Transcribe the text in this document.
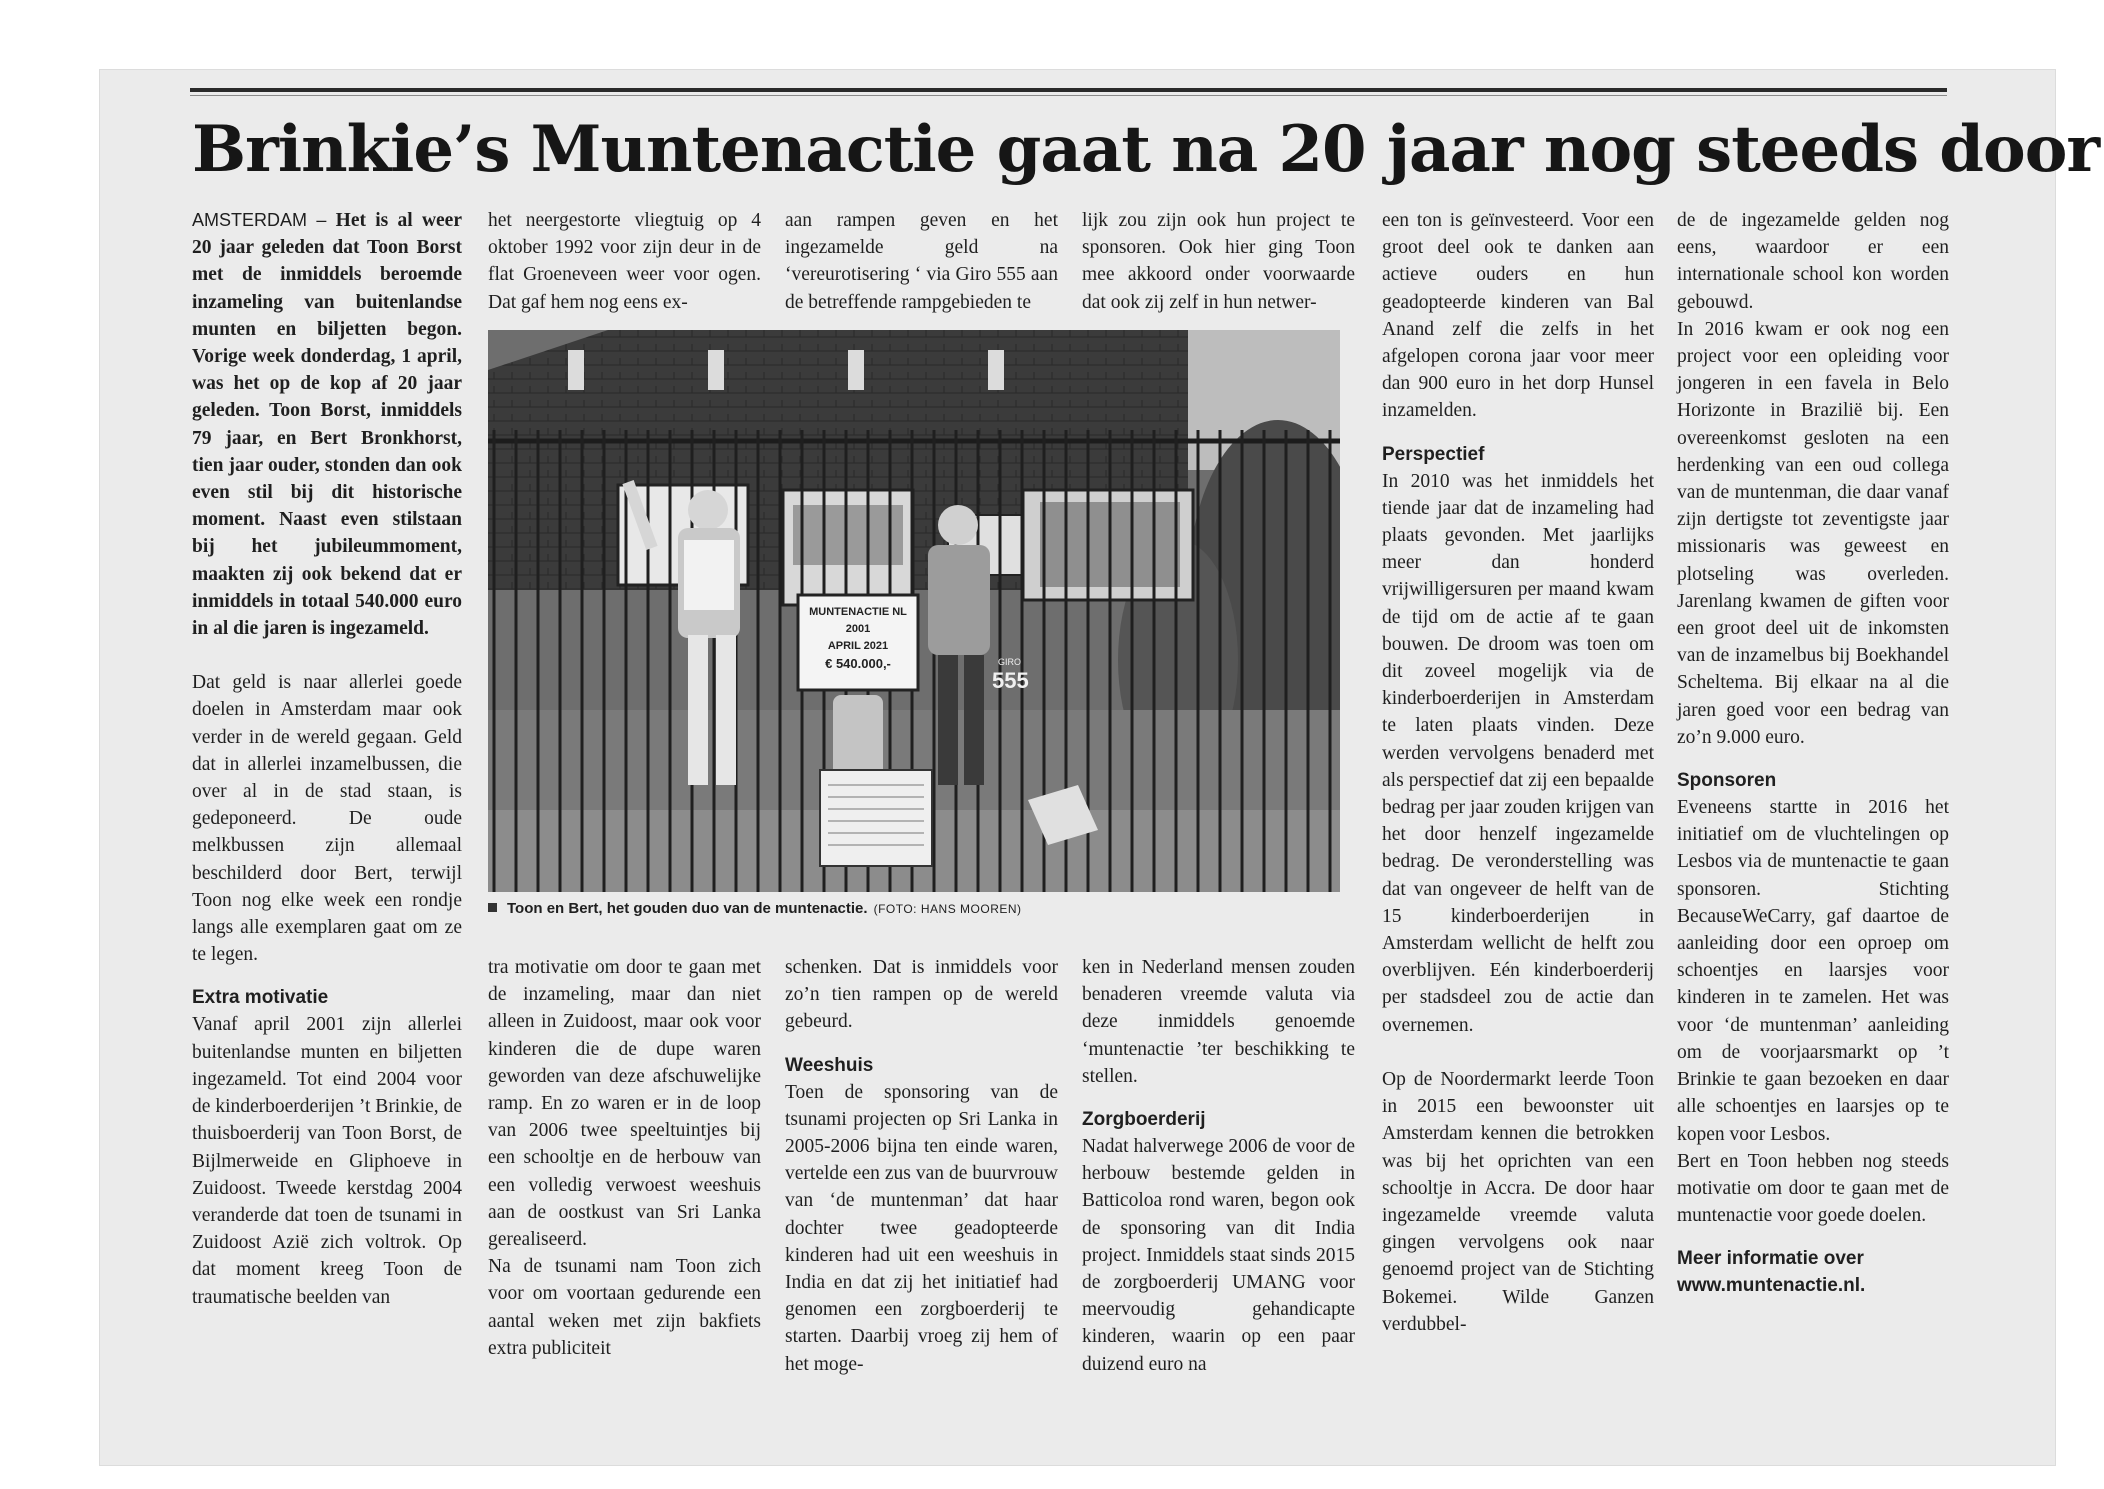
Brinkie’s Muntenactie gaat na 20 jaar nog steeds door

AMSTERDAM – Het is al weer 20 jaar geleden dat Toon Borst met de inmiddels beroemde inzameling van buitenlandse munten en biljetten begon. Vorige week donderdag, 1 april, was het op de kop af 20 jaar geleden. Toon Borst, inmiddels 79 jaar, en Bert Bronkhorst, tien jaar ouder, stonden dan ook even stil bij dit historische moment. Naast even stilstaan bij het jubileummoment, maakten zij ook bekend dat er inmiddels in totaal 540.000 euro in al die jaren is ingezameld.

Dat geld is naar allerlei goede doelen in Amsterdam maar ook verder in de wereld gegaan. Geld dat in allerlei inzamelbussen, die over al in de stad staan, is gedeponeerd. De oude melkbussen zijn allemaal beschilderd door Bert, terwijl Toon nog elke week een rondje langs alle exemplaren gaat om ze te legen.

Extra motivatie

Vanaf april 2001 zijn allerlei buitenlandse munten en biljetten ingezameld. Tot eind 2004 voor de kinderboerderijen ’t Brinkie, de thuisboerderij van Toon Borst, de Bijlmerweide en Gliphoeve in Zuidoost. Tweede kerstdag 2004 veranderde dat toen de tsunami in Zuidoost Azië zich voltrok. Op dat moment kreeg Toon de traumatische beelden van

het neergestorte vliegtuig op 4 oktober 1992 voor zijn deur in de flat Groeneveen weer voor ogen. Dat gaf hem nog eens ex-

tra motivatie om door te gaan met de inzameling, maar dan niet alleen in Zuidoost, maar ook voor kinderen die de dupe waren geworden van deze afschuwelijke ramp. En zo waren er in de loop van 2006 twee speeltuintjes bij een schooltje en de herbouw van een volledig verwoest weeshuis aan de oostkust van Sri Lanka gerealiseerd.

Na de tsunami nam Toon zich voor om voortaan gedurende een aantal weken met zijn bakfiets extra publiciteit

aan rampen geven en het ingezamelde geld na ‘vereurotisering ‘ via Giro 555 aan de betreffende rampgebieden te

schenken. Dat is inmiddels voor zo’n tien rampen op de wereld gebeurd.

Weeshuis

Toen de sponsoring van de tsunami projecten op Sri Lanka in 2005-2006 bijna ten einde waren, vertelde een zus van de buurvrouw van ‘de muntenman’ dat haar dochter twee geadopteerde kinderen had uit een weeshuis in India en dat zij het initiatief had genomen een zorgboerderij te starten. Daarbij vroeg zij hem of het moge-

lijk zou zijn ook hun project te sponsoren. Ook hier ging Toon mee akkoord onder voorwaarde dat ook zij zelf in hun netwer-

ken in Nederland mensen zouden benaderen vreemde valuta via deze inmiddels genoemde ‘muntenactie ’ter beschikking te stellen.

Zorgboerderij

Nadat halverwege 2006 de voor de herbouw bestemde gelden in Batticoloa rond waren, begon ook de sponsoring van dit India project. Inmiddels staat sinds 2015 de zorgboerderij UMANG voor meervoudig gehandicapte kinderen, waarin op een paar duizend euro na

een ton is geïnvesteerd. Voor een groot deel ook te danken aan actieve ouders en hun geadopteerde kinderen van Bal Anand zelf die zelfs in het afgelopen corona jaar voor meer dan 900 euro in het dorp Hunsel inzamelden.

Perspectief

In 2010 was het inmiddels het tiende jaar dat de inzameling had plaats gevonden. Met jaarlijks meer dan honderd vrijwilligersuren per maand kwam de tijd om de actie af te gaan bouwen. De droom was toen om dit zoveel mogelijk via de kinderboerderijen in Amsterdam te laten plaats vinden. Deze werden vervolgens benaderd met als perspectief dat zij een bepaalde bedrag per jaar zouden krijgen van het door henzelf ingezamelde bedrag. De veronderstelling was dat van ongeveer de helft van de 15 kinderboerderijen in Amsterdam wellicht de helft zou overblijven. Eén kinderboerderij per stadsdeel zou de actie dan overnemen.

Op de Noordermarkt leerde Toon in 2015 een bewoonster uit Amsterdam kennen die betrokken was bij het oprichten van een schooltje in Accra. De door haar ingezamelde vreemde valuta gingen vervolgens ook naar genoemd project van de Stichting Bokemei. Wilde Ganzen verdubbel-

de de ingezamelde gelden nog eens, waardoor er een internationale school kon worden gebouwd.

In 2016 kwam er ook nog een project voor een opleiding voor jongeren in een favela in Belo Horizonte in Brazilië bij. Een overeenkomst gesloten na een herdenking van een oud collega van de muntenman, die daar vanaf zijn dertigste tot zeventigste jaar missionaris was geweest en plotseling was overleden. Jarenlang kwamen de giften voor een groot deel uit de inkomsten van de inzamelbus bij Boekhandel Scheltema. Bij elkaar na al die jaren goed voor een bedrag van zo’n 9.000 euro.

Sponsoren

Eveneens startte in 2016 het initiatief om de vluchtelingen op Lesbos via de muntenactie te gaan sponsoren. Stichting BecauseWeCarry, gaf daartoe de aanleiding door een oproep om schoentjes en laarsjes voor kinderen in te zamelen. Het was voor ‘de muntenman’ aanleiding om de voorjaarsmarkt op ’t Brinkie te gaan bezoeken en daar alle schoentjes en laarsjes op te kopen voor Lesbos.

Bert en Toon hebben nog steeds motivatie om door te gaan met de muntenactie voor goede doelen.

Meer informatie over www.muntenactie.nl.

MUNTENACTIE NL
2001
APRIL 2021
€ 540.000,-	GIRO
555
Toon en Bert, het gouden duo van de muntenactie. (FOTO: HANS MOOREN)
